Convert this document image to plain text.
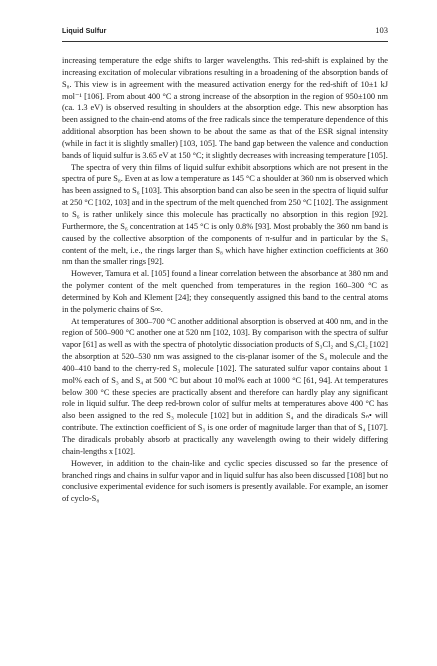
Liquid Sulfur	103

increasing temperature the edge shifts to larger wavelengths. This red-shift is explained by the increasing excitation of molecular vibrations resulting in a broadening of the absorption bands of S₈. This view is in agreement with the measured activation energy for the red-shift of 10±1 kJ mol⁻¹ [106]. From about 400 °C a strong increase of the absorption in the region of 950±100 nm (ca. 1.3 eV) is observed resulting in shoulders at the absorption edge. This new absorption has been assigned to the chain-end atoms of the free radicals since the temperature dependence of this additional absorption has been shown to be about the same as that of the ESR signal intensity (while in fact it is slightly smaller) [103, 105]. The band gap between the valence and conduction bands of liquid sulfur is 3.65 eV at 150 °C; it slightly decreases with increasing temperature [105].

The spectra of very thin films of liquid sulfur exhibit absorptions which are not present in the spectra of pure S₈. Even at as low a temperature as 145 °C a shoulder at 360 nm is observed which has been assigned to S₆ [103]. This absorption band can also be seen in the spectra of liquid sulfur at 250 °C [102, 103] and in the spectrum of the melt quenched from 250 °C [102]. The assignment to S₆ is rather unlikely since this molecule has practically no absorption in this region [92]. Furthermore, the S₆ concentration at 145 °C is only 0.8% [93]. Most probably the 360 nm band is caused by the collective absorption of the components of π-sulfur and in particular by the Sₓ content of the melt, i.e., the rings larger than S₈ which have higher extinction coefficients at 360 nm than the smaller rings [92].

However, Tamura et al. [105] found a linear correlation between the absorbance at 380 nm and the polymer content of the melt quenched from temperatures in the region 160–300 °C as determined by Koh and Klement [24]; they consequently assigned this band to the central atoms in the polymeric chains of S∞.

At temperatures of 300–700 °C another additional absorption is observed at 400 nm, and in the region of 500–900 °C another one at 520 nm [102, 103]. By comparison with the spectra of sulfur vapor [61] as well as with the spectra of photolytic dissociation products of S₃Cl₂ and S₄Cl₂ [102] the absorption at 520–530 nm was assigned to the cis-planar isomer of the S₄ molecule and the 400–410 band to the cherry-red S₃ molecule [102]. The saturated sulfur vapor contains about 1 mol% each of S₃ and S₄ at 500 °C but about 10 mol% each at 1000 °C [61, 94]. At temperatures below 300 °C these species are practically absent and therefore can hardly play any significant role in liquid sulfur. The deep red-brown color of sulfur melts at temperatures above 400 °C has also been assigned to the red S₃ molecule [102] but in addition S₄ and the diradicals Sₙ• will contribute. The extinction coefficient of S₃ is one order of magnitude larger than that of S₄ [107]. The diradicals probably absorb at practically any wavelength owing to their widely differing chain-lengths x [102].

However, in addition to the chain-like and cyclic species discussed so far the presence of branched rings and chains in sulfur vapor and in liquid sulfur has also been discussed [108] but no conclusive experimental evidence for such isomers is presently available. For example, an isomer of cyclo-S₈
